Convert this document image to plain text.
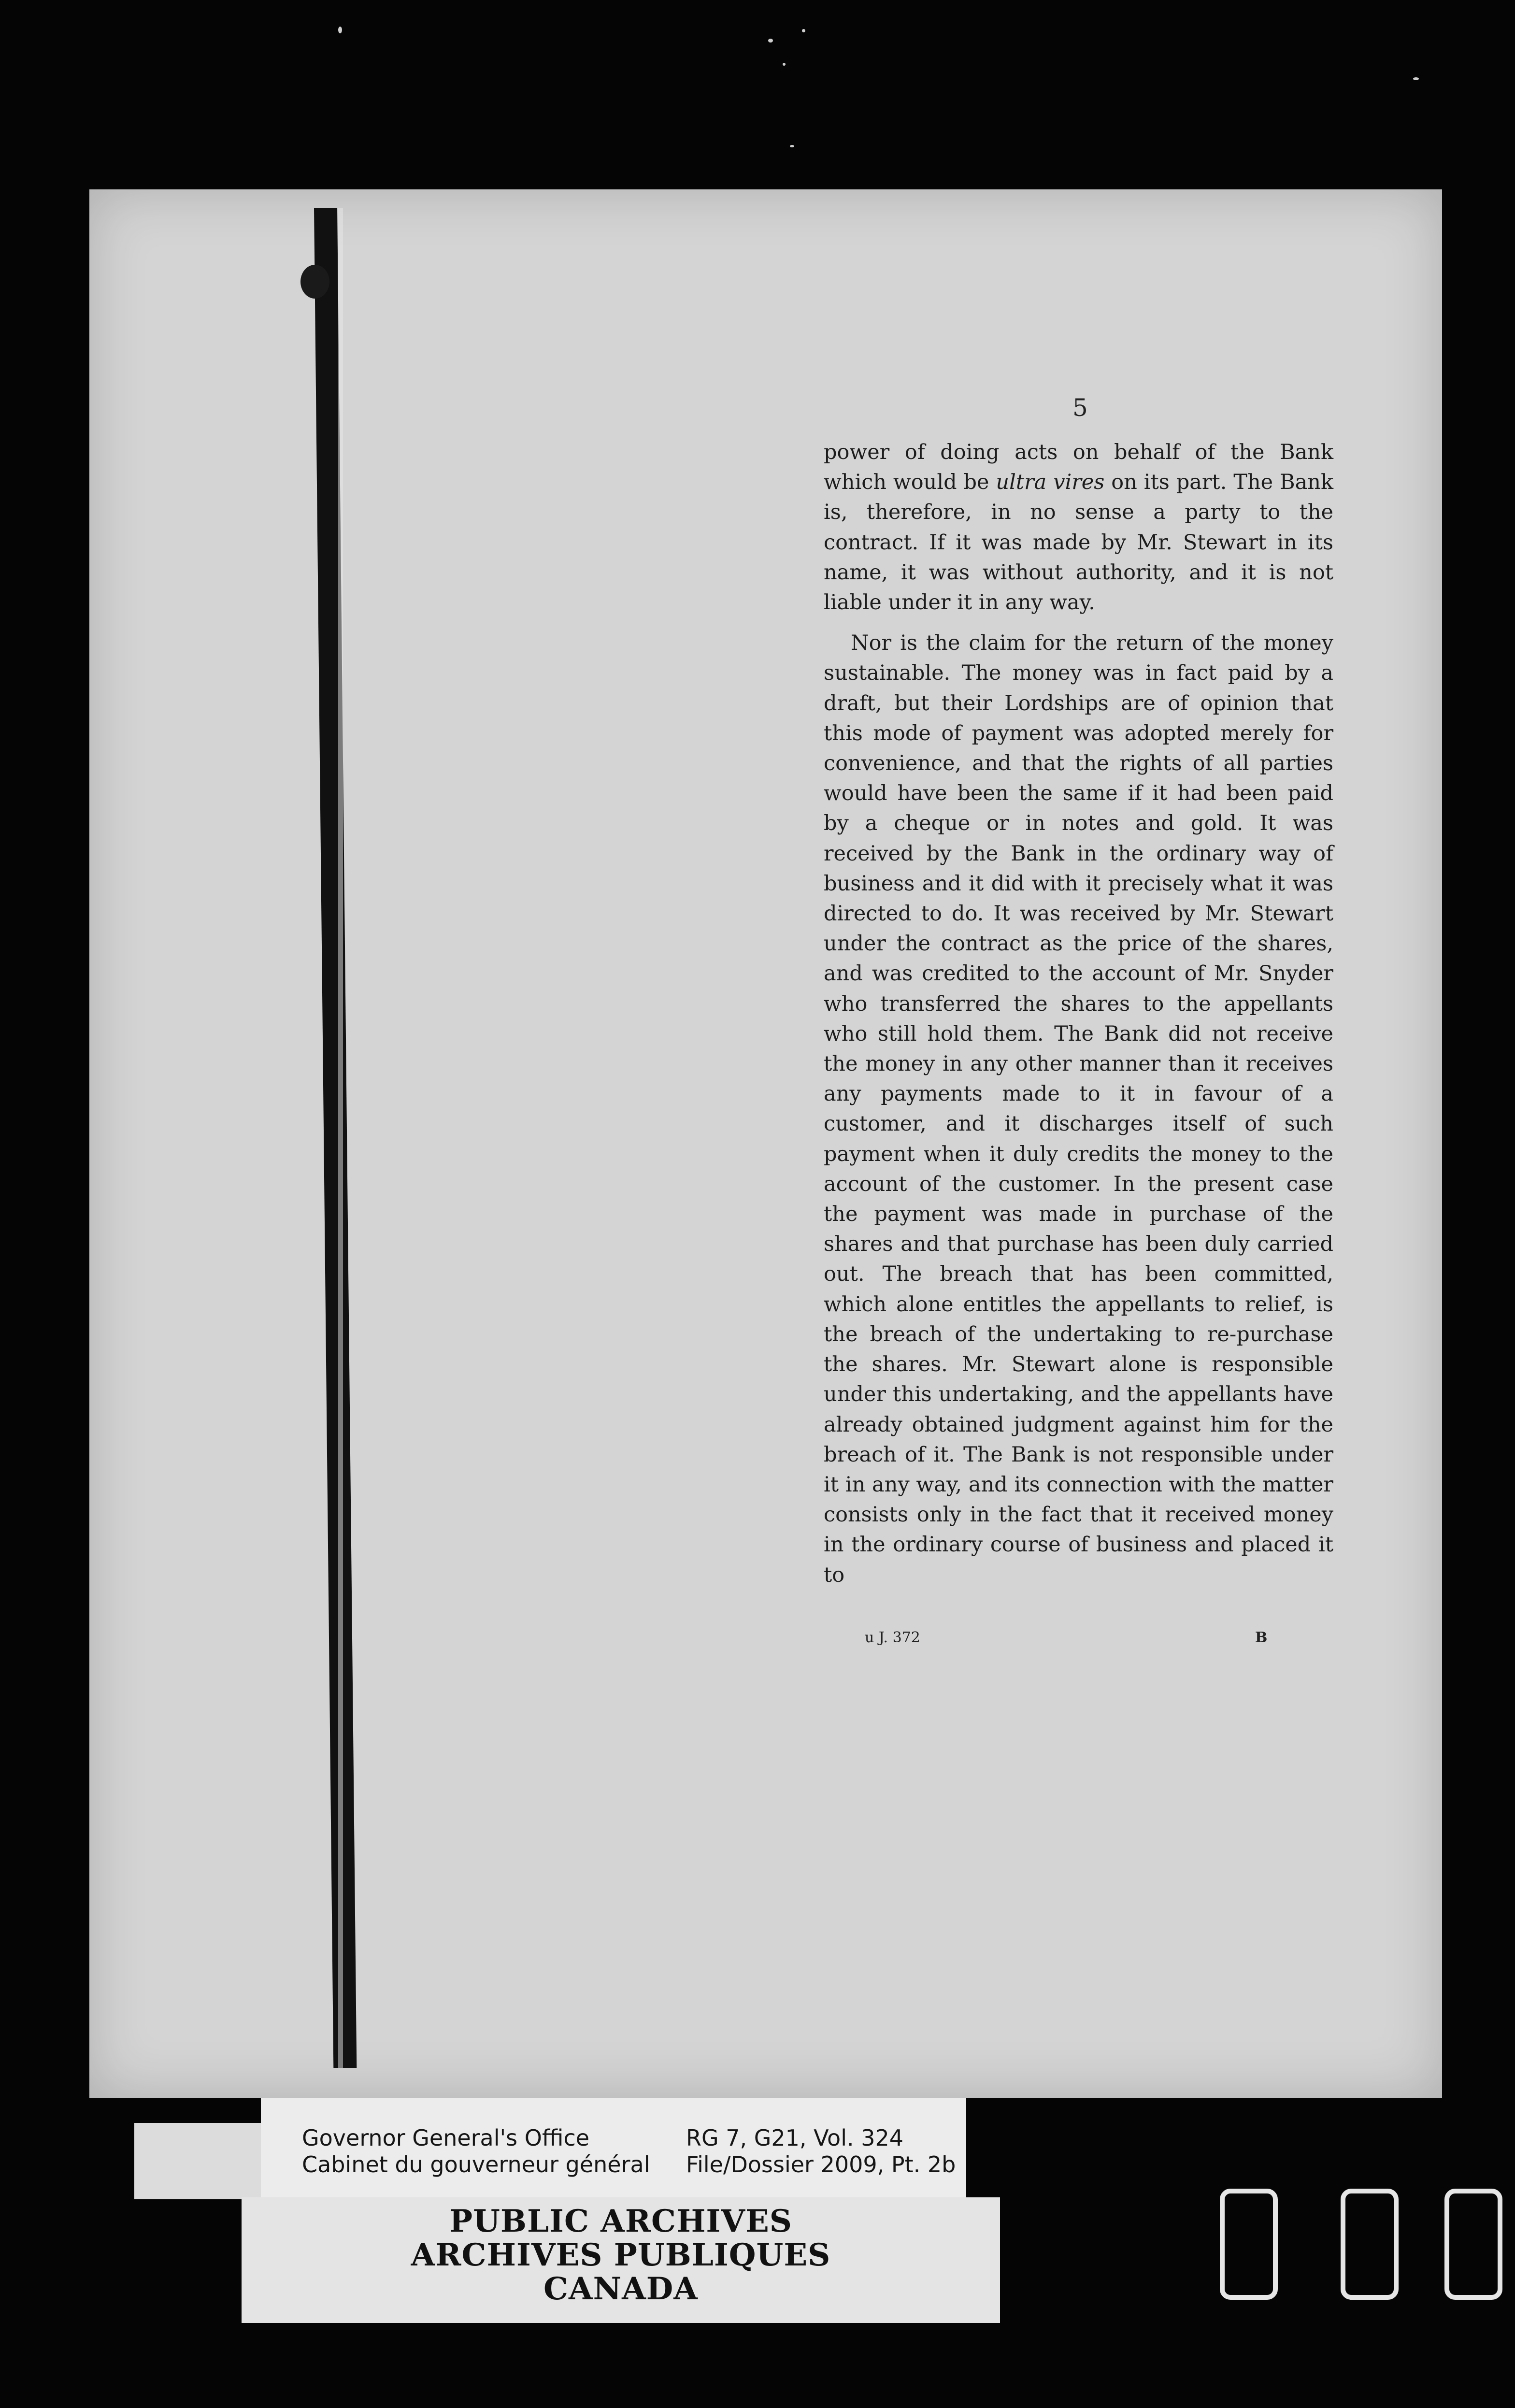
5

power of doing acts on behalf of the Bank which would be ultra vires on its part. The Bank is, therefore, in no sense a party to the contract. If it was made by Mr. Stewart in its name, it was without authority, and it is not liable under it in any way.

Nor is the claim for the return of the money sustainable. The money was in fact paid by a draft, but their Lordships are of opinion that this mode of payment was adopted merely for convenience, and that the rights of all parties would have been the same if it had been paid by a cheque or in notes and gold. It was received by the Bank in the ordinary way of business and it did with it precisely what it was directed to do. It was received by Mr. Stewart under the contract as the price of the shares, and was credited to the account of Mr. Snyder who transferred the shares to the appellants who still hold them. The Bank did not receive the money in any other manner than it receives any payments made to it in favour of a customer, and it discharges itself of such payment when it duly credits the money to the account of the customer. In the present case the payment was made in purchase of the shares and that purchase has been duly carried out. The breach that has been committed, which alone entitles the appellants to relief, is the breach of the undertaking to re-purchase the shares. Mr. Stewart alone is responsible under this undertaking, and the appellants have already obtained judgment against him for the breach of it. The Bank is not responsible under it in any way, and its connection with the matter consists only in the fact that it received money in the ordinary course of business and placed it to

u J. 372	B
Governor General's Office
Cabinet du gouverneur général
RG 7, G21, Vol. 324
File/Dossier 2009, Pt. 2b
PUBLIC ARCHIVES
ARCHIVES PUBLIQUES
CANADA
